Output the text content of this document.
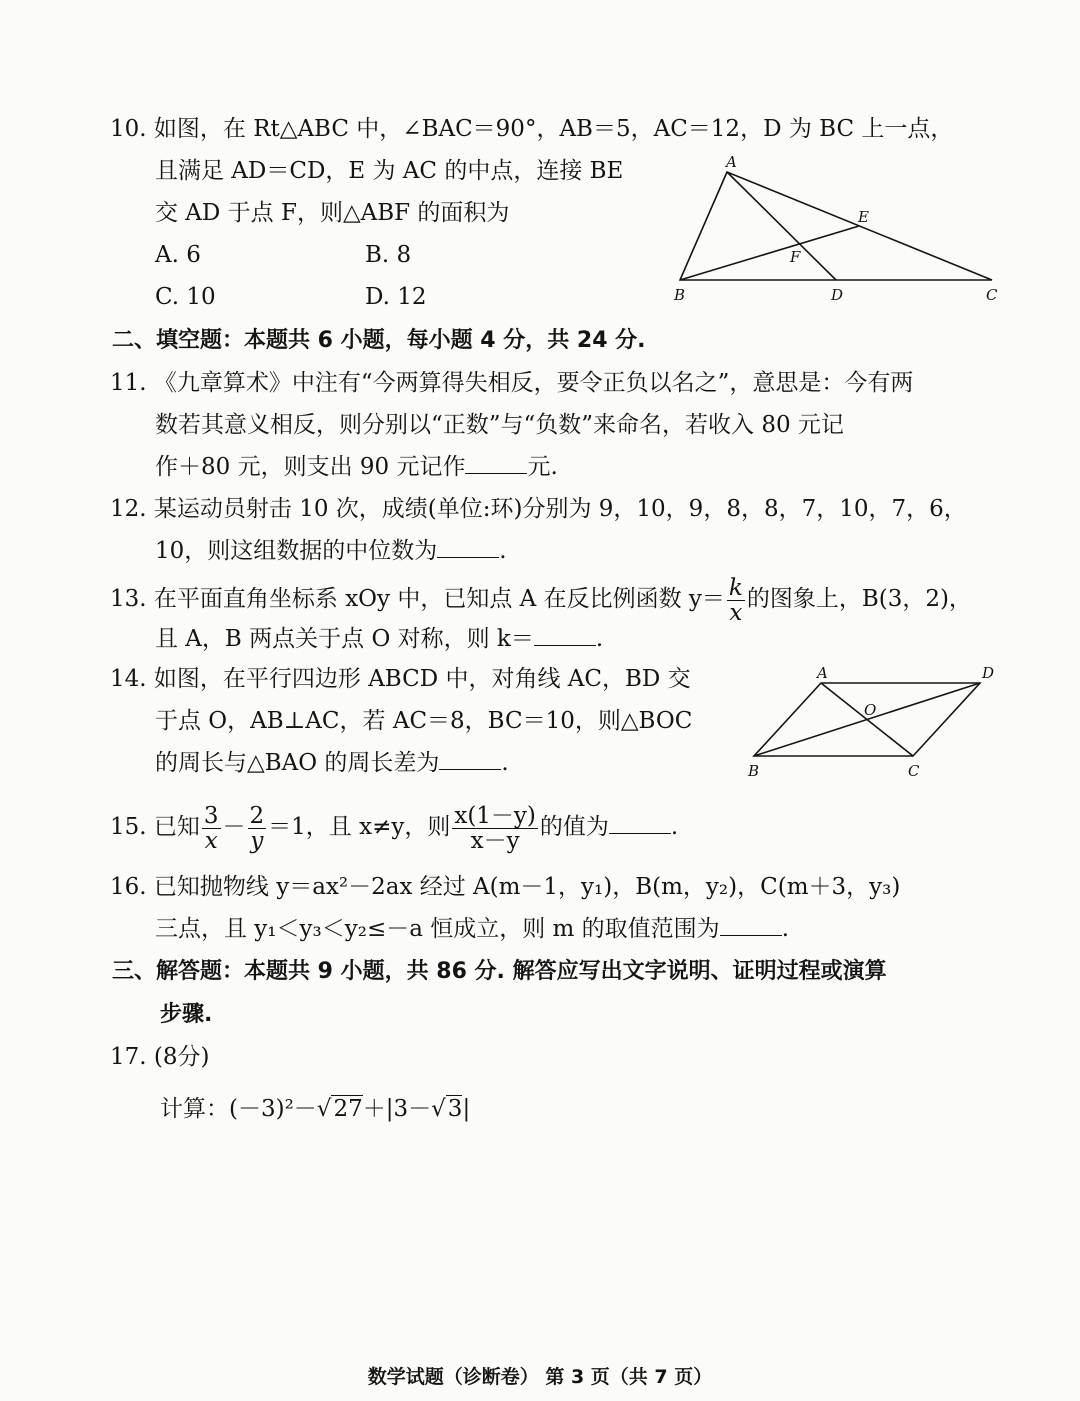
10. 如图，在 Rt△ABC 中，∠BAC＝90°，AB＝5，AC＝12，D 为 BC 上一点，
且满足 AD＝CD，E 为 AC 的中点，连接 BE
交 AD 于点 F，则△ABF 的面积为
A. 6	B. 8
C. 10	D. 12
A
B	C
D
E
F
二、填空题：本题共 6 小题，每小题 4 分，共 24 分.
11. 《九章算术》中注有“今两算得失相反，要令正负以名之”，意思是：今有两
数若其意义相反，则分别以“正数”与“负数”来命名，若收入 80 元记
作＋80 元，则支出 90 元记作	元.
12. 某运动员射击 10 次，成绩(单位:环)分别为 9，10，9，8，8，7，10，7，6，
10，则这组数据的中位数为	.
13. 在平面直角坐标系 xOy 中，已知点 A 在反比例函数 $y= \frac{k}{x}$ 的图象上，B(3，2)，
且 A，B 两点关于点 O 对称，则 k＝	.
14. 如图，在平行四边形 ABCD 中，对角线 AC，BD 交
于点 O，AB⊥AC，若 AC＝8，BC＝10，则△BOC
的周长与△BAO 的周长差为	.
A	D
B	C
O
15. 已知 $\frac{3}{x} - \frac{2}{y} =1$，且 x≠y，则 $\frac{x(1-y)}{x-y}$ 的值为	.
16. 已知抛物线 y＝ax²－2ax 经过 A(m－1，y₁)，B(m，y₂)，C(m＋3，y₃)
三点，且 y₁＜y₃＜y₂≤－a 恒成立，则 m 的取值范围为	.
三、解答题：本题共 9 小题，共 86 分. 解答应写出文字说明、证明过程或演算
步骤.
17. (8分)
计算：(－3)²－√27＋|3－√3|
数学试题（诊断卷） 第 3 页（共 7 页）
